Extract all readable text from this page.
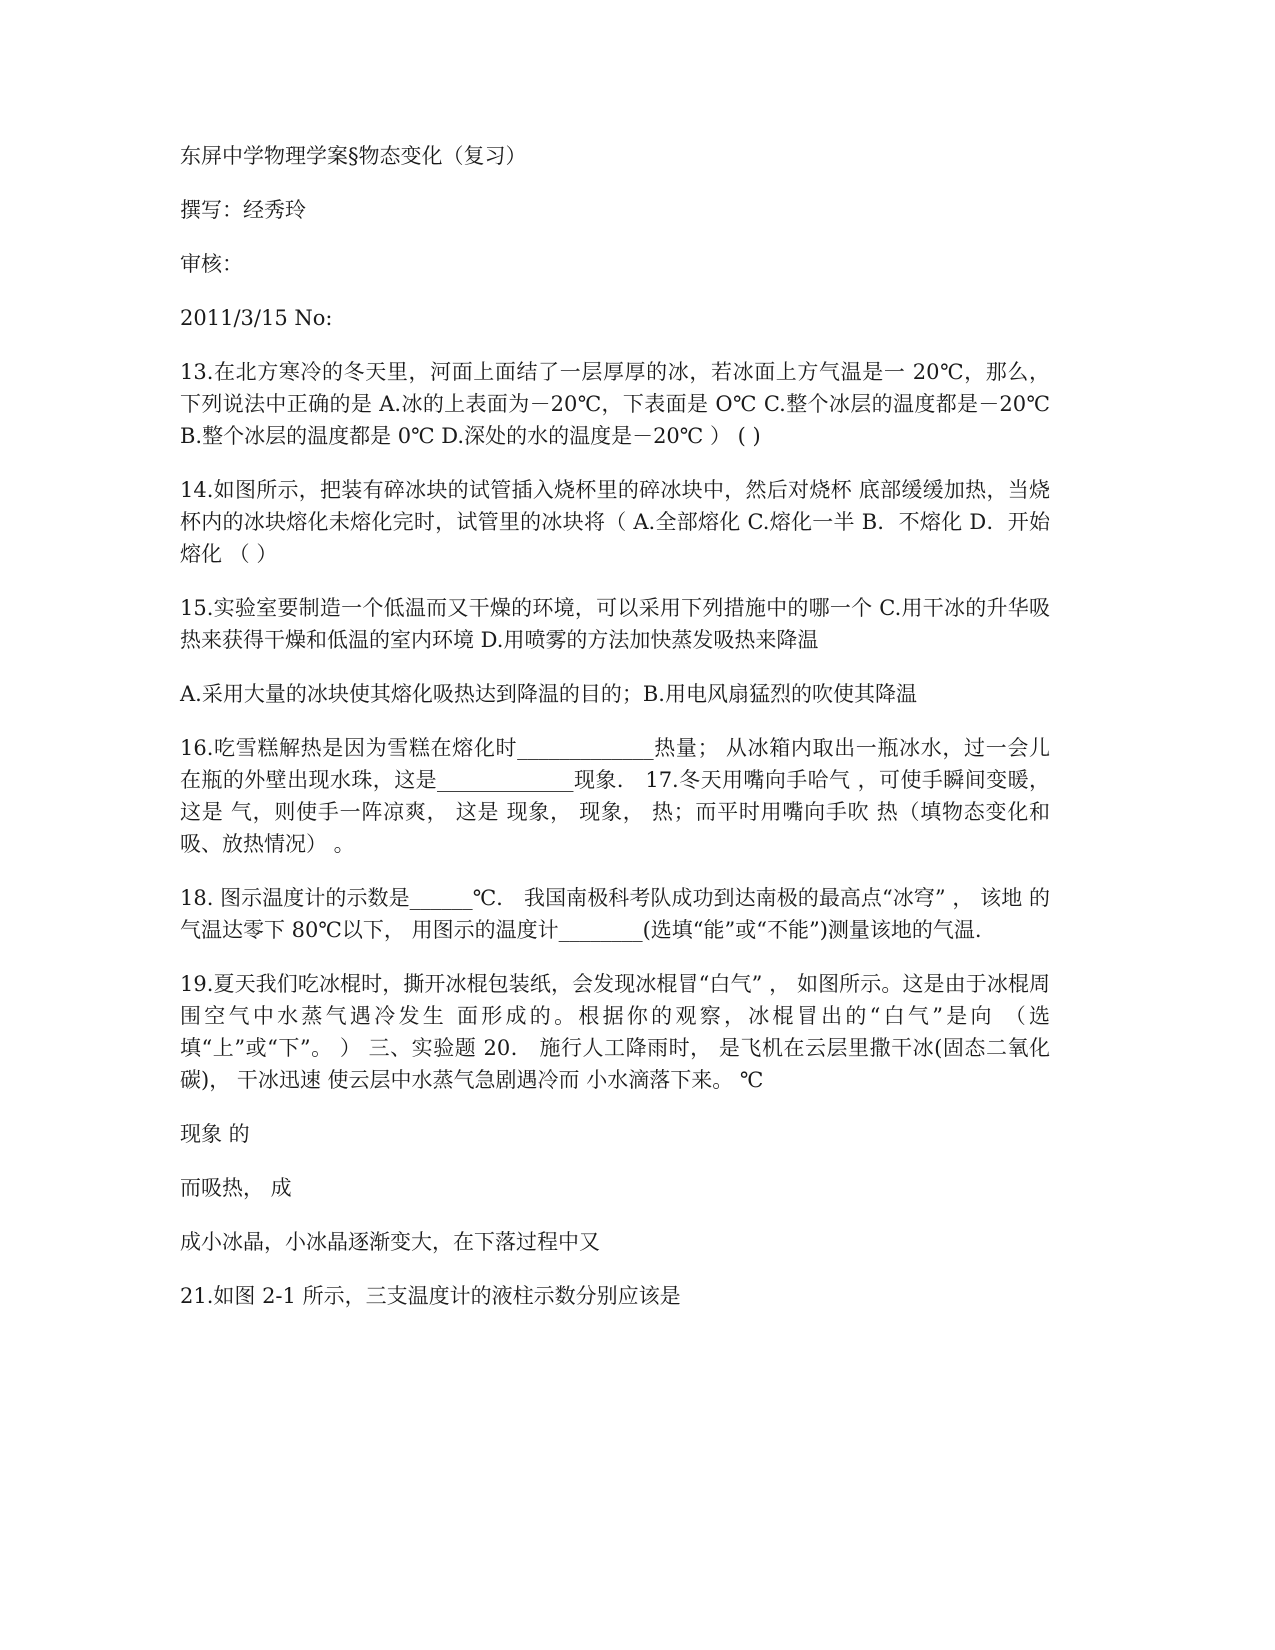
东屏中学物理学案§物态变化（复习）

撰写：经秀玲

审核：

2011/3/15 No:

13.在北方寒冷的冬天里，河面上面结了一层厚厚的冰，若冰面上方气温是一 20℃，那么， 下列说法中正确的是 A.冰的上表面为－20℃，下表面是 O℃ C.整个冰层的温度都是－20℃ B.整个冰层的温度都是 0℃ D.深处的水的温度是－20℃ ） ( )

14.如图所示，把装有碎冰块的试管插入烧杯里的碎冰块中，然后对烧杯 底部缓缓加热，当烧杯内的冰块熔化未熔化完时，试管里的冰块将（ A.全部熔化 C.熔化一半 B．不熔化 D．开始熔化 （ ）

15.实验室要制造一个低温而又干燥的环境，可以采用下列措施中的哪一个 C.用干冰的升华吸热来获得干燥和低温的室内环境 D.用喷雾的方法加快蒸发吸热来降温

A.采用大量的冰块使其熔化吸热达到降温的目的；B.用电风扇猛烈的吹使其降温

16.吃雪糕解热是因为雪糕在熔化时_____________热量； 从冰箱内取出一瓶冰水，过一会儿 在瓶的外壁出现水珠，这是_____________现象． 17.冬天用嘴向手哈气 ，可使手瞬间变暖，这是 气，则使手一阵凉爽， 这是 现象， 现象， 热；而平时用嘴向手吹 热（填物态变化和吸、放热情况） 。

18. 图示温度计的示数是______℃． 我国南极科考队成功到达南极的最高点“冰穹” ， 该地 的气温达零下 80℃以下， 用图示的温度计________(选填“能”或“不能”)测量该地的气温.

19.夏天我们吃冰棍时，撕开冰棍包装纸，会发现冰棍冒“白气” ， 如图所示。这是由于冰棍周围空气中水蒸气遇冷发生 面形成的。根据你的观察，冰棍冒出的“白气”是向 （选填“上”或“下”。 ） 三、实验题 20． 施行人工降雨时， 是飞机在云层里撒干冰(固态二氧化碳)， 干冰迅速 使云层中水蒸气急剧遇冷而 小水滴落下来。 ℃

现象 的

而吸热， 成

成小冰晶，小冰晶逐渐变大，在下落过程中又

21.如图 2-1 所示，三支温度计的液柱示数分别应该是
